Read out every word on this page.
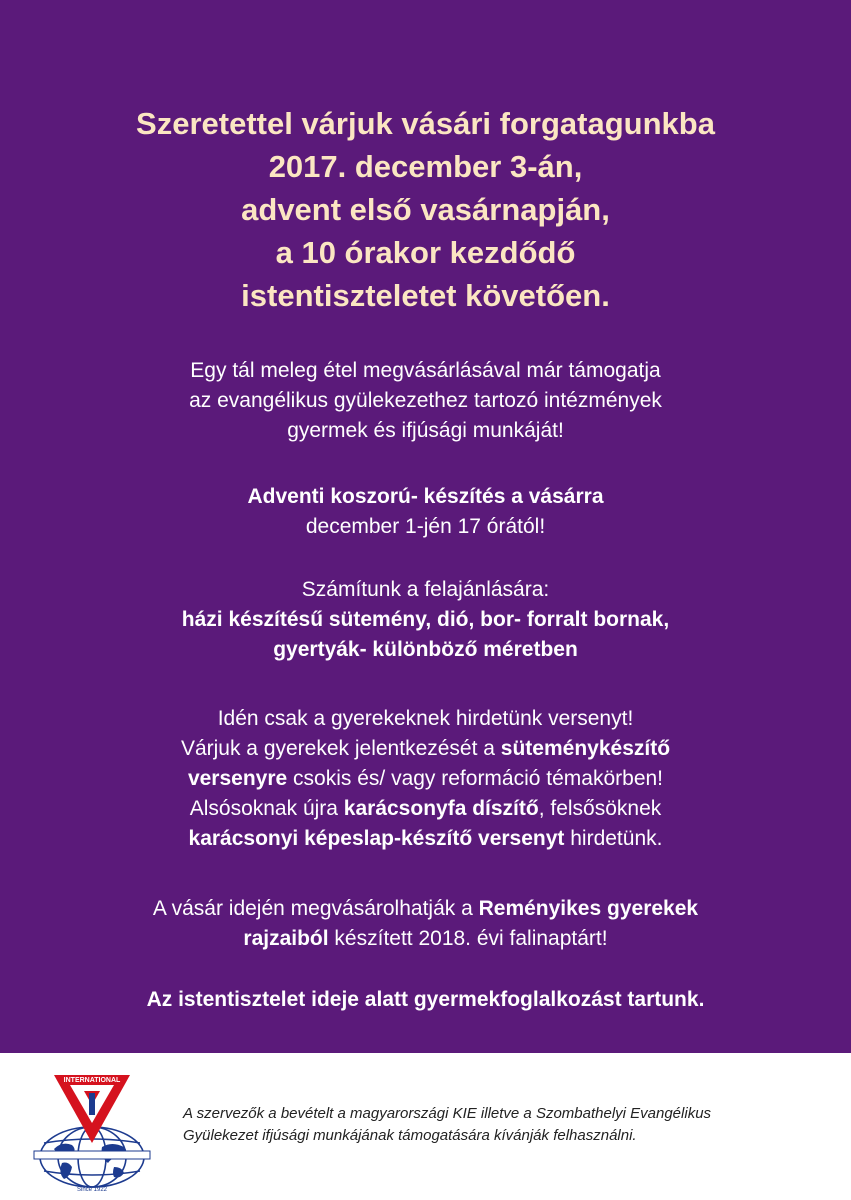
Szeretettel várjuk vásári forgatagunkba
2017. december 3-án,
advent első vasárnapján,
a 10 órakor kezdődő
istentiszteletet követően.
Egy tál meleg étel megvásárlásával már támogatja
az evangélikus gyülekezethez tartozó intézmények
gyermek és ifjúsági munkáját!
Adventi koszorú- készítés a vásárra
december 1-jén 17 órától!
Számítunk a felajánlására:
házi készítésű sütemény, dió, bor- forralt bornak,
gyertyák- különböző méretben
Idén csak a gyerekeknek hirdetünk versenyt!
Várjuk a gyerekek jelentkezését a süteménykészítő
versenyre csokis és/ vagy reformáció témakörben!
Alsósoknak újra karácsonyfa díszítő, felsősöknek
karácsonyi képeslap-készítő versenyt hirdetünk.
A vásár idején megvásárolhatják a Reményikes gyerekek
rajzaiból készített 2018. évi falinaptárt!
Az istentisztelet ideje alatt gyermekfoglalkozást tartunk.
INTERNATIONAL
Since 1922
A szervezők a bevételt a magyarországi KIE illetve a Szombathelyi Evangélikus
Gyülekezet ifjúsági munkájának támogatására kívánják felhasználni.
